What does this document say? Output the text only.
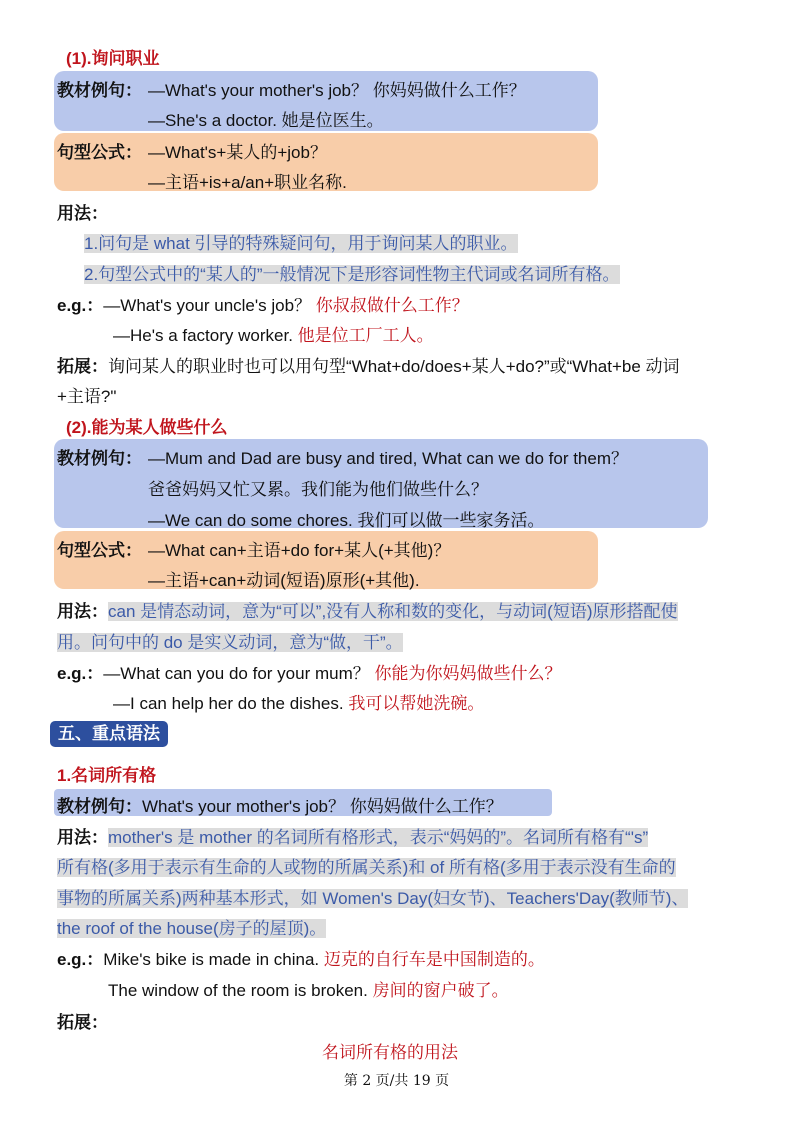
(1).询问职业
教材例句： —What's your mother's job？ 你妈妈做什么工作？
—She's a doctor. 她是位医生。
句型公式： —What's+某人的+job？
—主语+is+a/an+职业名称.
用法：
1.问句是 what 引导的特殊疑问句，用于询问某人的职业。
2.句型公式中的“某人的”一般情况下是形容词性物主代词或名词所有格。
e.g.：—What's your uncle's job？ 你叔叔做什么工作？
—He's a factory worker. 他是位工厂工人。
拓展：询问某人的职业时也可以用句型“What+do/does+某人+do?”或“What+be 动词
+主语?"
(2).能为某人做些什么
教材例句： —Mum and Dad are busy and tired, What can we do for them？
爸爸妈妈又忙又累。我们能为他们做些什么？
—We can do some chores. 我们可以做一些家务活。
句型公式： —What can+主语+do for+某人(+其他)？
—主语+can+动词(短语)原形(+其他).
用法：can 是情态动词，意为“可以”,没有人称和数的变化，与动词(短语)原形搭配使
用。问句中的 do 是实义动词，意为“做，干”。
e.g.：—What can you do for your mum？ 你能为你妈妈做些什么？
—I can help her do the dishes. 我可以帮她洗碗。
五、重点语法
1.名词所有格
教材例句：What's your mother's job？ 你妈妈做什么工作？
用法：mother's 是 mother 的名词所有格形式，表示“妈妈的”。名词所有格有“'s”
所有格(多用于表示有生命的人或物的所属关系)和 of 所有格(多用于表示没有生命的
事物的所属关系)两种基本形式，如 Women's Day(妇女节)、Teachers'Day(教师节)、
the roof of the house(房子的屋顶)。
e.g.：Mike's bike is made in china. 迈克的自行车是中国制造的。
The window of the room is broken. 房间的窗户破了。
拓展：
名词所有格的用法
第 2 页/共 19 页
